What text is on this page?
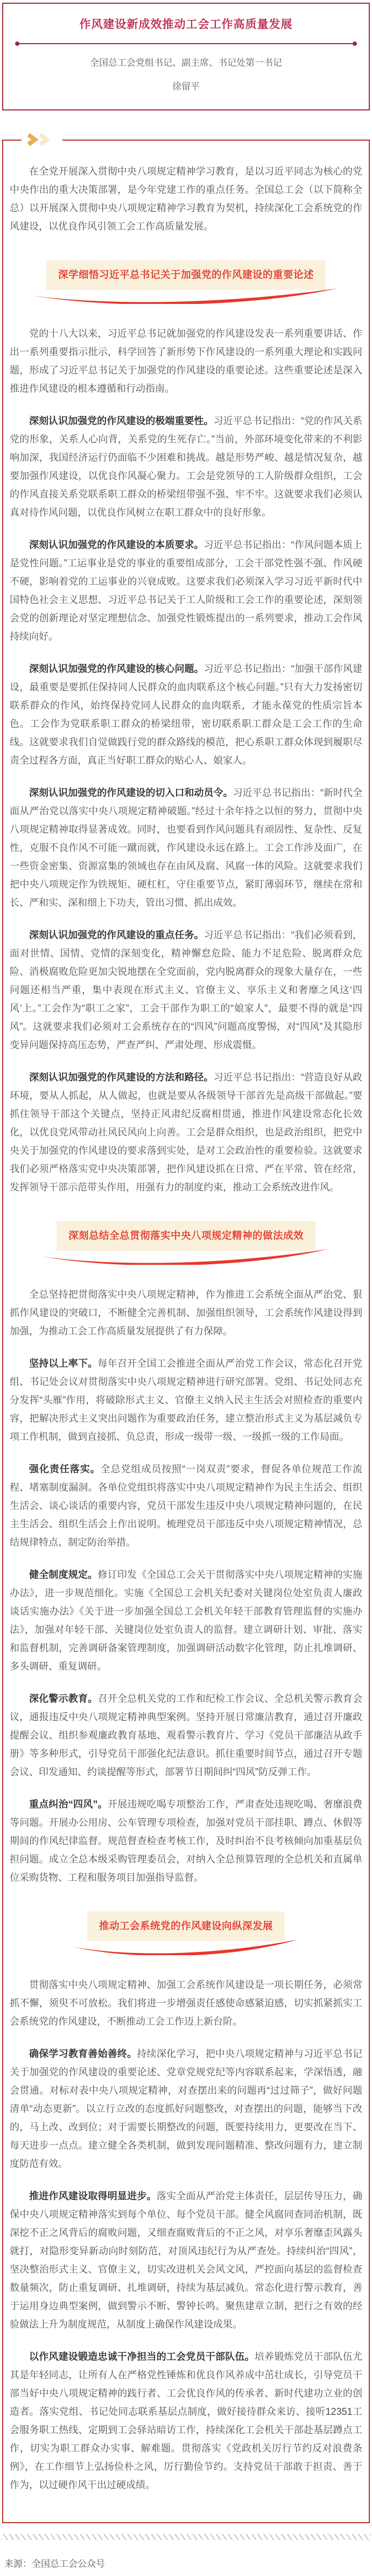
作风建设新成效推动工会工作高质量发展
全国总工会党组书记、副主席、书记处第一书记
徐留平

在全党开展深入贯彻中央八项规定精神学习教育，是以习近平同志为核心的党中央作出的重大决策部署，是今年党建工作的重点任务。全国总工会（以下简称全总）以开展深入贯彻中央八项规定精神学习教育为契机，持续深化工会系统党的作风建设，以优良作风引领工会工作高质量发展。

深学细悟习近平总书记关于加强党的作风建设的重要论述

党的十八大以来，习近平总书记就加强党的作风建设发表一系列重要讲话、作出一系列重要指示批示，科学回答了新形势下作风建设的一系列重大理论和实践问题，形成了习近平总书记关于加强党的作风建设的重要论述。这些重要论述是深入推进作风建设的根本遵循和行动指南。

深刻认识加强党的作风建设的极端重要性。习近平总书记指出：“党的作风关系党的形象，关系人心向背，关系党的生死存亡。”当前，外部环境变化带来的不利影响加深，我国经济运行仍面临不少困难和挑战。越是形势严峻、越是情况复杂，越要加强作风建设，以优良作风凝心聚力。工会是党领导的工人阶级群众组织，工会的作风直接关系党联系职工群众的桥梁纽带强不强、牢不牢。这就要求我们必须认真对待作风问题，以优良作风树立在职工群众中的良好形象。

深刻认识加强党的作风建设的本质要求。习近平总书记指出：“作风问题本质上是党性问题。”工运事业是党的事业的重要组成部分，工会干部党性强不强、作风硬不硬，影响着党的工运事业的兴衰成败。这要求我们必须深入学习习近平新时代中国特色社会主义思想、习近平总书记关于工人阶级和工会工作的重要论述，深刻领会党的创新理论对坚定理想信念、加强党性锻炼提出的一系列要求，推动工会作风持续向好。

深刻认识加强党的作风建设的核心问题。习近平总书记指出：“加强干部作风建设，最重要是要抓住保持同人民群众的血肉联系这个核心问题。”只有大力发扬密切联系群众的作风，始终保持党同人民群众的血肉联系，才能永葆党的性质宗旨本色。工会作为党联系职工群众的桥梁纽带，密切联系职工群众是工会工作的生命线。这就要求我们自觉做践行党的群众路线的模范，把心系职工群众体现到履职尽责全过程各方面，真正当好职工群众的贴心人、娘家人。

深刻认识加强党的作风建设的切入口和动员令。习近平总书记指出：“新时代全面从严治党以落实中央八项规定精神破题。”经过十余年持之以恒的努力，贯彻中央八项规定精神取得显著成效。同时，也要看到作风问题具有顽固性、复杂性、反复性，克服不良作风不可能一蹴而就，作风建设永远在路上。工会工作涉及面广，在一些资金密集、资源富集的领域也存在由风及腐、风腐一体的风险。这就要求我们把中央八项规定作为铁规矩、硬杠杠，守住重要节点，紧盯薄弱环节，继续在常和长、严和实、深和细上下功夫，管出习惯、抓出成效。

深刻认识加强党的作风建设的重点任务。习近平总书记指出：“我们必须看到，面对世情、国情、党情的深刻变化，精神懈怠危险、能力不足危险、脱离群众危险、消极腐败危险更加尖锐地摆在全党面前，党内脱离群众的现象大量存在，一些问题还相当严重，集中表现在形式主义、官僚主义、享乐主义和奢靡之风这‘四风’上。”工会作为“职工之家”，工会干部作为职工的“娘家人”，最要不得的就是“四风”。这就要求我们必须对工会系统存在的“四风”问题高度警惕，对“四风”及其隐形变异问题保持高压态势，严查严纠、严肃处理、形成震慑。

深刻认识加强党的作风建设的方法和路径。习近平总书记指出：“营造良好从政环境，要从人抓起，从人做起，也就是要从各级领导干部首先是高级干部做起。”要抓住领导干部这个关键点，坚持正风肃纪反腐相贯通，推进作风建设常态化长效化，以优良党风带动社风民风向上向善。工会是群众组织，也是政治组织，把党中央关于加强党的作风建设的要求落到实处，是对工会政治性的重要检验。这就要求我们必须严格落实党中央决策部署，把作风建设抓在日常、严在平常、管在经常，发挥领导干部示范带头作用，用强有力的制度约束，推动工会系统改进作风。

深刻总结全总贯彻落实中央八项规定精神的做法成效

全总坚持把贯彻落实中央八项规定精神，作为推进工会系统全面从严治党、狠抓作风建设的突破口，不断健全完善机制、加强组织领导，工会系统作风建设得到加强，为推动工会工作高质量发展提供了有力保障。

坚持以上率下。每年召开全国工会推进全面从严治党工作会议，常态化召开党组、书记处会议对贯彻落实中央八项规定精神进行研究部署。党组、书记处同志充分发挥“头雁”作用，将破除形式主义、官僚主义纳入民主生活会对照检查的重要内容，把解决形式主义突出问题作为重要政治任务，建立整治形式主义为基层减负专项工作机制，做到直接抓、负总责，形成一级带一级、一级抓一级的工作局面。

强化责任落实。全总党组成员按照“一岗双责”要求，督促各单位规范工作流程、堵塞制度漏洞。各单位党组织将落实中央八项规定精神作为民主生活会、组织生活会、谈心谈话的重要内容，党员干部发生违反中央八项规定精神问题的，在民主生活会、组织生活会上作出说明。梳理党员干部违反中央八项规定精神情况，总结规律特点、制定防治举措。

健全制度规定。修订印发《全国总工会关于贯彻落实中央八项规定精神的实施办法》，进一步规范细化。实施《全国总工会机关纪委对关键岗位处室负责人廉政谈话实施办法》《关于进一步加强全国总工会机关年轻干部教育管理监督的实施办法》，加强对年轻干部、关键岗位处室负责人的监督。建立调研计划、审批、落实和监督机制，完善调研备案管理制度，加强调研活动数字化管理，防止扎堆调研、多头调研、重复调研。

深化警示教育。召开全总机关党的工作和纪检工作会议、全总机关警示教育会议，通报违反中央八项规定精神典型案例。坚持开展日常廉洁教育，通过召开廉政提醒会议、组织参观廉政教育基地、观看警示教育片、学习《党员干部廉洁从政手册》等多种形式，引导党员干部强化纪法意识。抓住重要时间节点，通过召开专题会议、印发通知、约谈提醒等形式，部署节日期间纠“四风”防反弹工作。

重点纠治“四风”。开展违规吃喝专项整治工作，严肃查处违规吃喝、奢靡浪费等问题。开展办公用房、公车管理专项检查，加强对党员干部挂职、蹲点、休假等期间的作风纪律监督。规范督查检查考核工作，及时纠治不良考核倾向加重基层负担问题。成立全总本级采购管理委员会，对纳入全总预算管理的全总机关和直属单位采购货物、工程和服务项目加强指导监督。

推动工会系统党的作风建设向纵深发展

贯彻落实中央八项规定精神、加强工会系统作风建设是一项长期任务，必须常抓不懈，须臾不可放松。我们将进一步增强责任感使命感紧迫感，切实抓紧抓实工会系统党的作风建设，不断推动工会工作迈上新台阶。

确保学习教育善始善终。持续深化学习，把中央八项规定精神与习近平总书记关于加强党的作风建设的重要论述、党章党规党纪等内容联系起来，学深悟透，融会贯通。对标对表中央八项规定精神，对查摆出来的问题再“过过筛子”，做好问题清单“动态更新”。以立行立改的态度抓好问题整改，对查摆出的问题，能够当下改的，马上改、改到位；对于需要长期整改的问题，既要持续用力，更要改在当下、每天进步一点点。建立健全各类机制，做到发现问题精准、整改问题有力，建立制度防范有效。

推进作风建设取得明显进步。落实全面从严治党主体责任，层层传导压力，确保中央八项规定精神落实到每个单位、每个党员干部。健全风腐同查同治机制，既深挖不正之风背后的腐败问题，又细查腐败背后的不正之风，对享乐奢靡歪风露头就打，对隐形变异新动向时刻防范，对顶风违纪行为从严查处。持续纠治“四风”，坚决整治形式主义、官僚主义，切实改进机关会风文风，严控面向基层的监督检查数量频次，防止重复调研、扎堆调研，持续为基层减负。常态化进行警示教育，善于运用身边典型案例，做到警示不断、警钟长鸣。聚焦建章立制，把行之有效的经验做法上升为制度规范，从制度上确保作风建设成果。

以作风建设锻造忠诚干净担当的工会党员干部队伍。培养锻炼党员干部队伍尤其是年轻同志，让所有人在严格党性锤炼和优良作风养成中茁壮成长，引导党员干部当好中央八项规定精神的践行者、工会优良作风的传承者、新时代建功立业的创造者。落实党组、书记处同志联系基层点制度，做好接待群众来访、接听12351工会服务职工热线、定期到工会驿站暗访工作，持续深化工会机关干部赴基层蹲点工作，切实为职工群众办实事、解难题。贯彻落实《党政机关厉行节约反对浪费条例》，在工作细节上弘扬俭朴之风，厉行勤俭节约。支持党员干部敢于担责、善于作为，以过硬作风干出过硬成绩。

来源：全国总工会公众号
